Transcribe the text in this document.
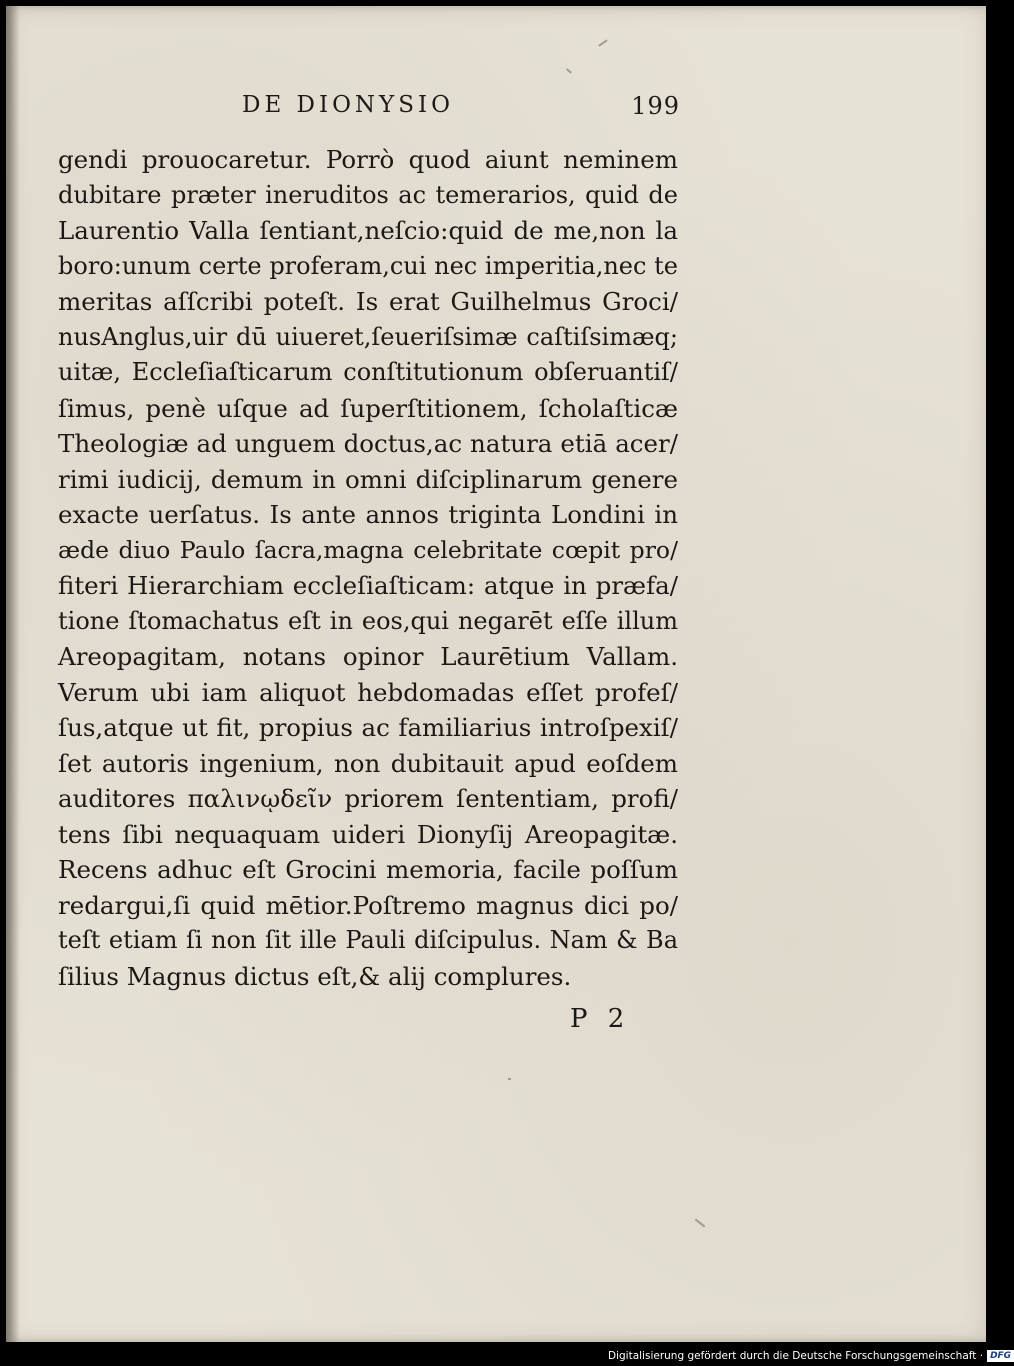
DE DIONYSIO	199
gendi prouocaretur. Porrò quod aiunt neminem
dubitare præter ineruditos ac temerarios, quid de
Laurentio Valla ſentiant,neſcio:quid de me,non la
boro:unum certe proferam,cui nec imperitia,nec te
meritas aſſcribi poteſt. Is erat Guilhelmus Groci/
nusAnglus,uir dū uiueret,ſeueriſsimæ caſtiſsimæq;
uitæ, Eccleſiaſticarum conſtitutionum obſeruantiſ/
ſimus, penè uſque ad ſuperſtitionem, ſcholaſticæ
Theologiæ ad unguem doctus,ac natura etiā acer/
rimi iudicij, demum in omni diſciplinarum genere
exacte uerſatus. Is ante annos triginta Londini in
æde diuo Paulo ſacra,magna celebritate cœpit pro/
fiteri Hierarchiam eccleſiaſticam: atque in præfa/
tione ſtomachatus eſt in eos,qui negarēt eſſe illum
Areopagitam, notans opinor Laurētium Vallam.
Verum ubi iam aliquot hebdomadas eſſet profeſ/
ſus,atque ut fit, propius ac familiarius introſpexiſ/
ſet autoris ingenium, non dubitauit apud eoſdem
auditores παλινῳδεῖν priorem ſententiam, profi/
tens ſibi nequaquam uideri Dionyſij Areopagitæ.
Recens adhuc eſt Grocini memoria, facile poſſum
redargui,ſi quid mētior.Poſtremo magnus dici po/
teſt etiam ſi non ſit ille Pauli diſcipulus. Nam & Ba
ſilius Magnus dictus eſt,& alij complures.
P 2
Digitalisierung gefördert durch die Deutsche Forschungsgemeinschaft · DFG
